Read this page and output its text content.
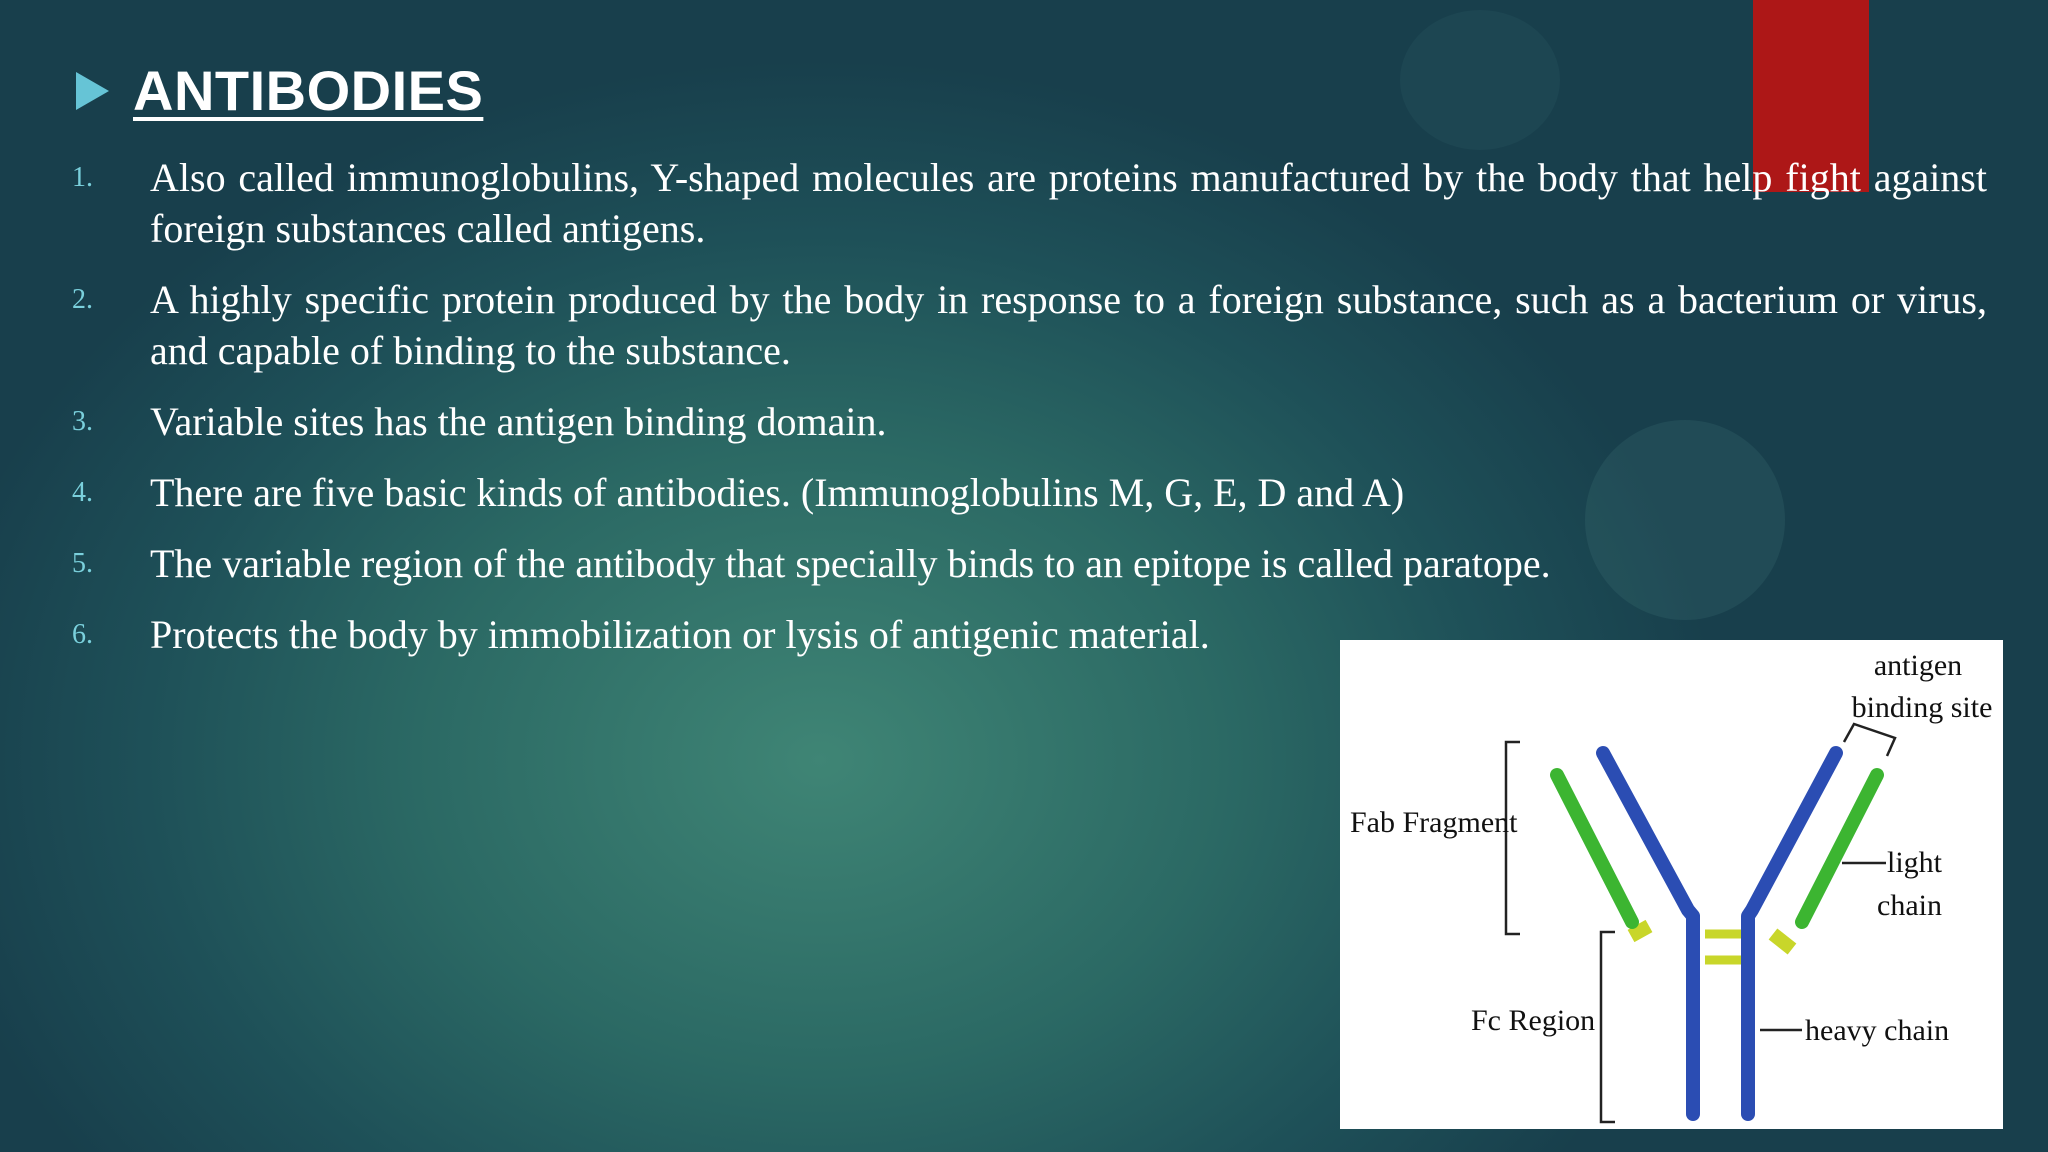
ANTIBODIES
1.	Also called immunoglobulins, Y-shaped molecules are proteins manufactured by the body that help fight against foreign substances called antigens.
2.	A highly specific protein produced by the body in response to a foreign substance, such as a bacterium or virus, and capable of binding to the substance.
3.	Variable sites has the antigen binding domain.
4.	There are five basic kinds of antibodies. (Immunoglobulins M, G, E, D and A)
5.	The variable region of the antibody that specially binds to an epitope is called paratope.
6.	Protects the body by immobilization or lysis of antigenic material.
antigen
binding site
Fab Fragment
light
chain
Fc Region	heavy chain
